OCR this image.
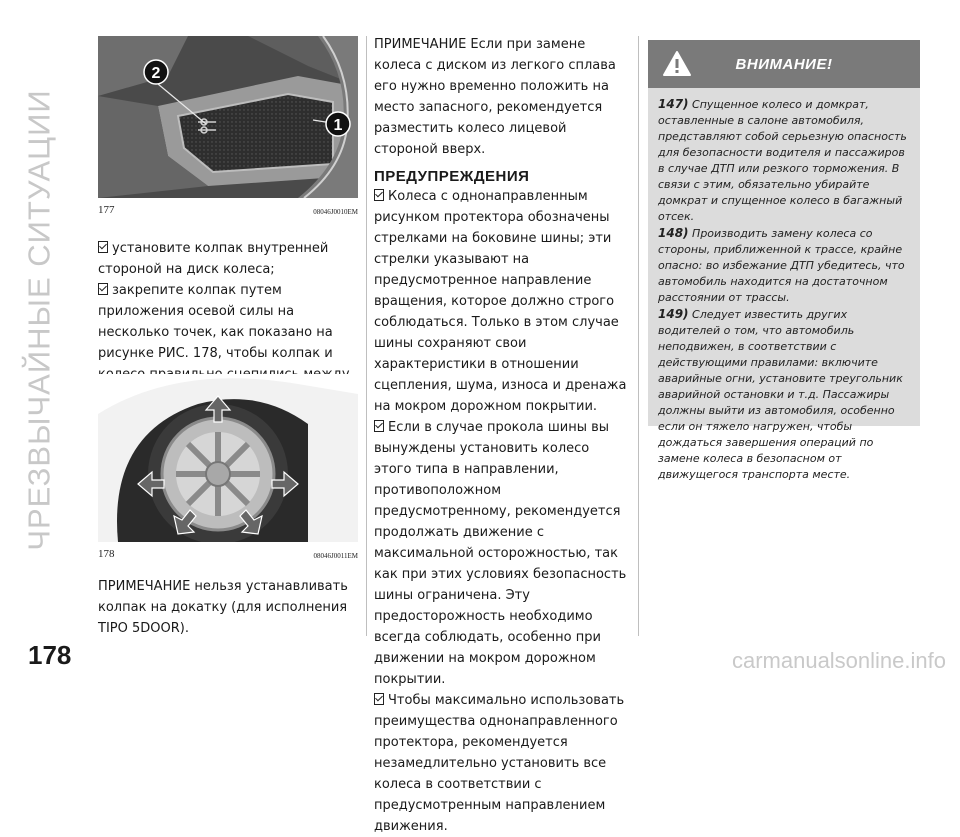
ЧРЕЗВЫЧАЙНЫЕ СИТУАЦИИ
2
1
177	08046J0010EM

установите колпак внутренней стороной на диск колеса;

закрепите колпак путем приложения осевой силы на несколько точек, как показано на рисунке РИС. 178, чтобы колпак и

178	08046J0011EM

ПРИМЕЧАНИЕ нельзя устанавливать колпак на докатку (для исполнения TIPO 5DOOR).

ПРИМЕЧАНИЕ Если при замене колеса с диском из легкого сплава его нужно временно положить на место запасного, рекомендуется разместить колесо лицевой стороной вверх.

ПРЕДУПРЕЖДЕНИЯ

Колеса с однонаправленным рисунком протектора обозначены стрелками на боковине шины; эти стрелки указывают на предусмотренное направление вращения, которое должно строго соблюдаться. Только в этом случае шины сохраняют свои характеристики в отношении сцепления, шума, износа и дренажа на мокром дорожном покрытии.

Если в случае прокола шины вы вынуждены установить колесо этого типа в направлении, противоположном предусмотренному, рекомендуется продолжать движение с максимальной осторожностью, так как при этих условиях безопасность шины ограничена. Эту предосторожность необходимо всегда соблюдать, особенно при движении на мокром дорожном покрытии.

Чтобы максимально использовать преимущества однонаправленного протектора, рекомендуется незамедлительно установить все колеса в соответствии с предусмотренным направлением движения.

ВНИМАНИЕ!

147) Спущенное колесо и домкрат, оставленные в салоне автомобиля, представляют собой серьезную опасность для безопасности водителя и пассажиров в случае ДТП или резкого торможения. В связи с этим, обязательно убирайте домкрат и спущенное колесо в багажный отсек.

148) Производить замену колеса со стороны, приближенной к трассе, крайне опасно: во избежание ДТП убедитесь, что автомобиль находится на достаточном расстоянии от трассы.

149) Следует известить других водителей о том, что автомобиль неподвижен, в соответствии с действующими правилами: включите аварийные огни, установите треугольник аварийной остановки и т.д. Пассажиры должны выйти из автомобиля, особенно если он тяжело нагружен, чтобы дождаться завершения операций по замене колеса в безопасном от движущегося транспорта месте.

178	carmanualsonline.info
